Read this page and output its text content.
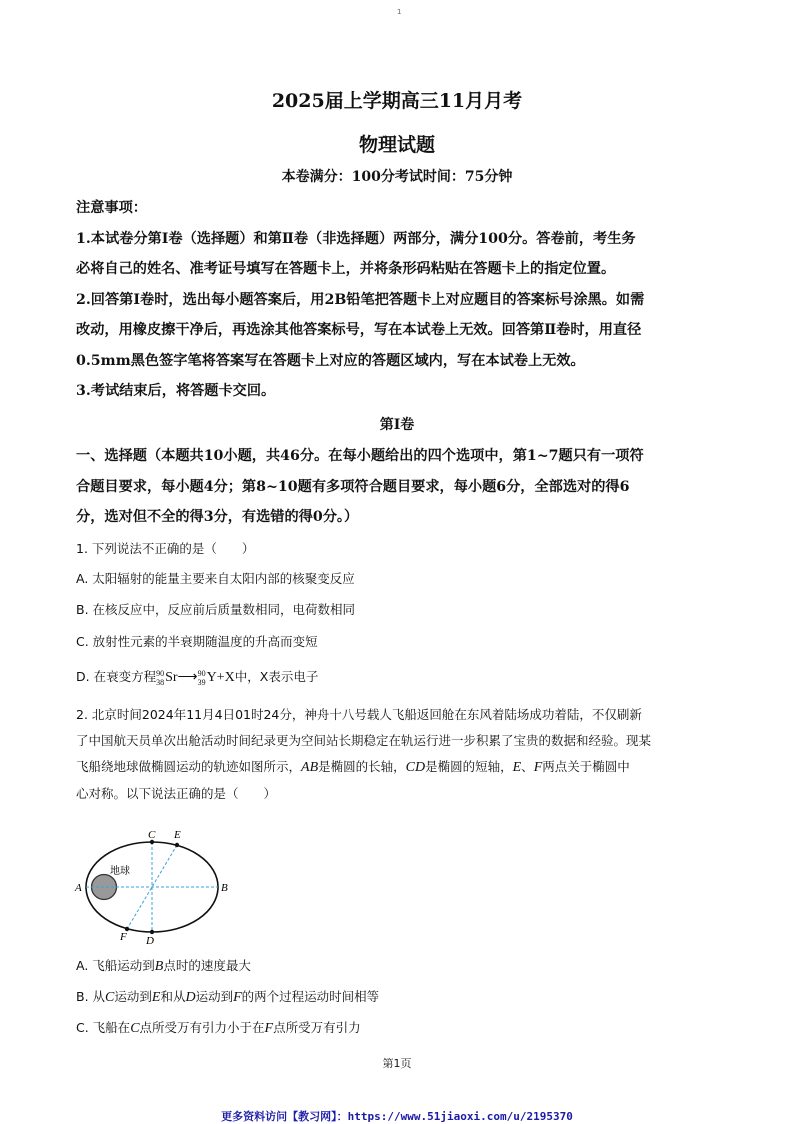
1
2025届上学期高三11月月考
物理试题
本卷满分：100分考试时间：75分钟
注意事项：
1.本试卷分第Ⅰ卷（选择题）和第Ⅱ卷（非选择题）两部分，满分100分。答卷前，考生务
必将自己的姓名、准考证号填写在答题卡上，并将条形码粘贴在答题卡上的指定位置。
2.回答第Ⅰ卷时，选出每小题答案后，用2B铅笔把答题卡上对应题目的答案标号涂黑。如需
改动，用橡皮擦干净后，再选涂其他答案标号，写在本试卷上无效。回答第Ⅱ卷时，用直径
0.5mm黑色签字笔将答案写在答题卡上对应的答题区域内，写在本试卷上无效。
3.考试结束后，将答题卡交回。
第Ⅰ卷
一、选择题（本题共10小题，共46分。在每小题给出的四个选项中，第1~7题只有一项符
合题目要求，每小题4分；第8~10题有多项符合题目要求，每小题6分，全部选对的得6
分，选对但不全的得3分，有选错的得0分。）
1. 下列说法不正确的是（　　）
A. 太阳辐射的能量主要来自太阳内部的核聚变反应
B. 在核反应中，反应前后质量数相同，电荷数相同
C. 放射性元素的半衰期随温度的升高而变短
D. 在衰变方程 90
38 Sr⟶ 90
39 Y+X中，X表示电子
2. 北京时间2024年11月4日01时24分，神舟十八号载人飞船返回舱在东风着陆场成功着陆，不仅刷新
了中国航天员单次出舱活动时间纪录更为空间站长期稳定在轨运行进一步积累了宝贵的数据和经验。现某
飞船绕地球做椭圆运动的轨迹如图所示，AB是椭圆的长轴，CD是椭圆的短轴，E、F两点关于椭圆中
心对称。以下说法正确的是（　　）
A	B
C E
D
F
地球
A. 飞船运动到B点时的速度最大
B. 从C运动到E和从D运动到F的两个过程运动时间相等
C. 飞船在C点所受万有引力小于在F点所受万有引力
第1页
更多资料访问【教习网】：https://www.51jiaoxi.com/u/2195370
